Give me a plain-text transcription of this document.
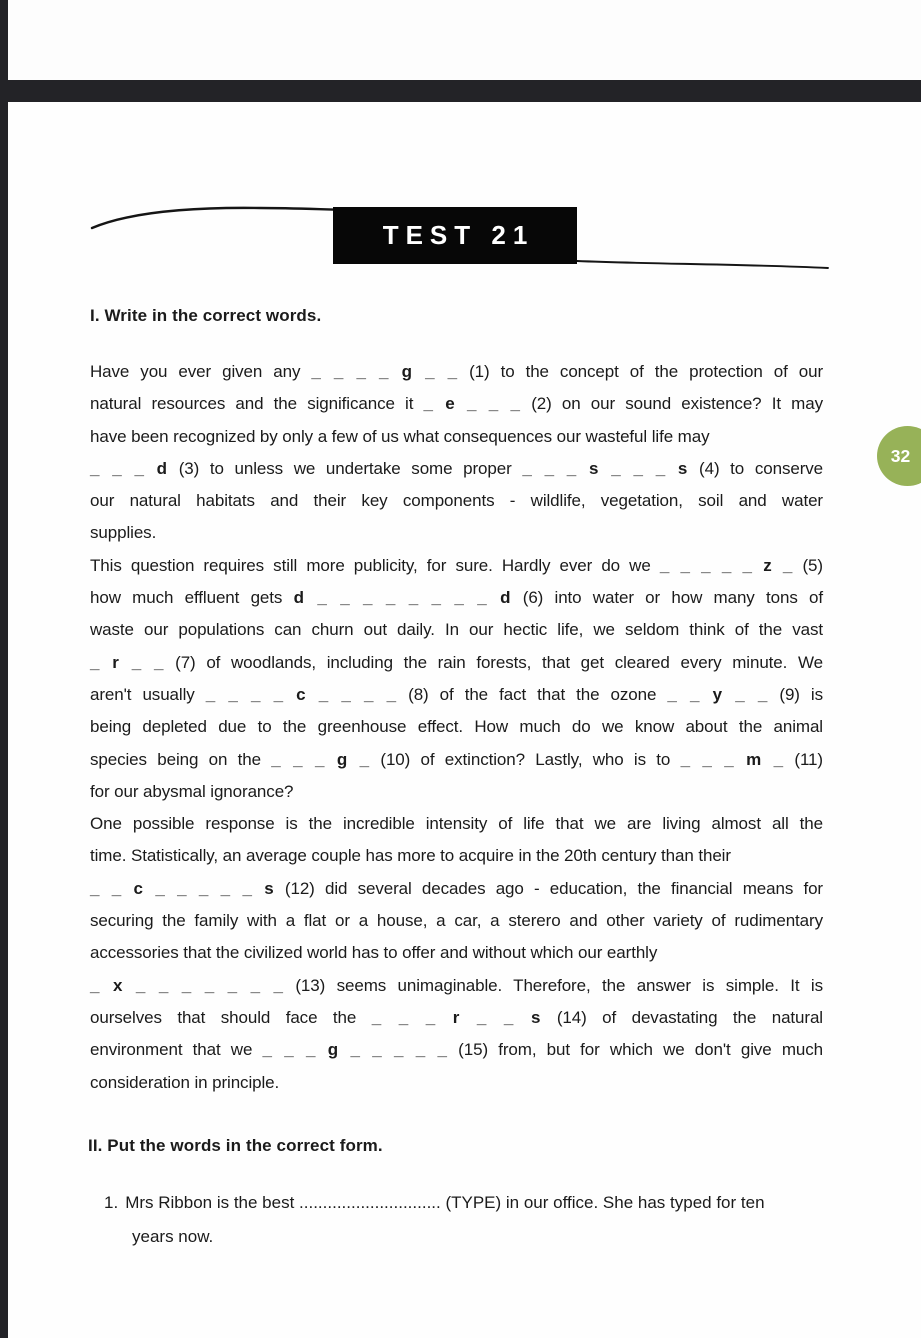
TEST 21
32
I. Write in the correct words.
Have you ever given any _ _ _ _ g _ _ (1) to the concept of the protection of our
natural resources and the significance it _ e _ _ _ (2) on our sound existence? It may
have been recognized by only a few of us what consequences our wasteful life may
_ _ _ d (3) to unless we undertake some proper _ _ _ s _ _ _ s (4) to conserve
our natural habitats and their key components - wildlife, vegetation, soil and water
supplies.
This question requires still more publicity, for sure. Hardly ever do we _ _ _ _ _ z _ (5)
how much effluent gets d _ _ _ _ _ _ _ _ d (6) into water or how many tons of
waste our populations can churn out daily. In our hectic life, we seldom think of the vast
_ r _ _ (7) of woodlands, including the rain forests, that get cleared every minute. We
aren't usually _ _ _ _ c _ _ _ _ (8) of the fact that the ozone _ _ y _ _ (9) is
being depleted due to the greenhouse effect. How much do we know about the animal
species being on the _ _ _ g _ (10) of extinction? Lastly, who is to _ _ _ m _ (11)
for our abysmal ignorance?
One possible response is the incredible intensity of life that we are living almost all the
time. Statistically, an average couple has more to acquire in the 20th century than their
_ _ c _ _ _ _ _ s (12) did several decades ago - education, the financial means for
securing the family with a flat or a house, a car, a sterero and other variety of rudimentary
accessories that the civilized world has to offer and without which our earthly
_ x _ _ _ _ _ _ _ (13) seems unimaginable. Therefore, the answer is simple. It is
ourselves that should face the _ _ _ r _ _ s (14) of devastating the natural
environment that we _ _ _ g _ _ _ _ _ (15) from, but for which we don't give much
consideration in principle.
II. Put the words in the correct form.
1. Mrs Ribbon is the best .............................. (TYPE) in our office. She has typed for ten
years now.
